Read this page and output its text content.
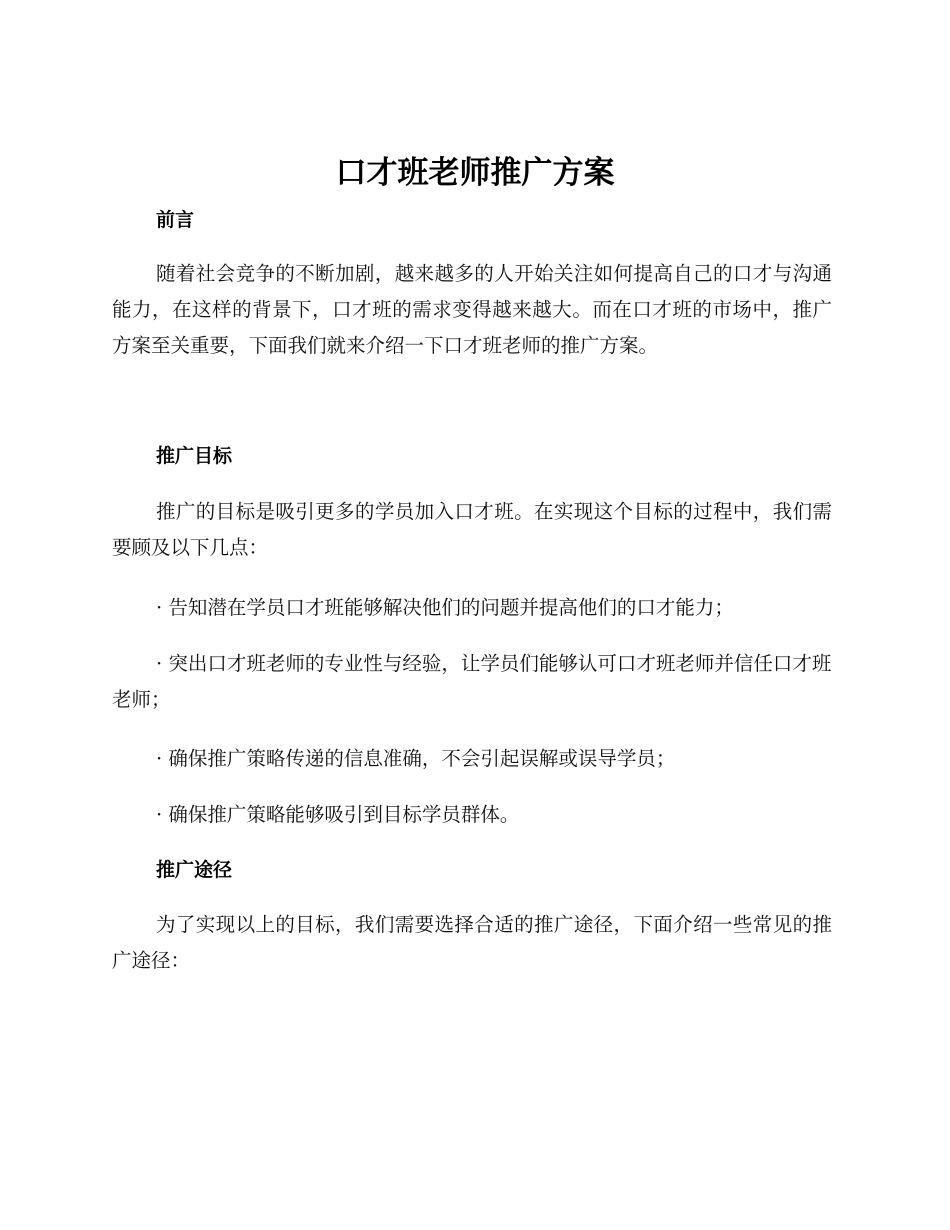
口才班老师推广方案
前言

随着社会竞争的不断加剧，越来越多的人开始关注如何提高自己的口才与沟通能力，在这样的背景下，口才班的需求变得越来越大。而在口才班的市场中，推广方案至关重要，下面我们就来介绍一下口才班老师的推广方案。

推广目标

推广的目标是吸引更多的学员加入口才班。在实现这个目标的过程中，我们需要顾及以下几点：

· 告知潜在学员口才班能够解决他们的问题并提高他们的口才能力；

· 突出口才班老师的专业性与经验，让学员们能够认可口才班老师并信任口才班老师；

· 确保推广策略传递的信息准确，不会引起误解或误导学员；

· 确保推广策略能够吸引到目标学员群体。

推广途径

为了实现以上的目标，我们需要选择合适的推广途径，下面介绍一些常见的推广途径：
